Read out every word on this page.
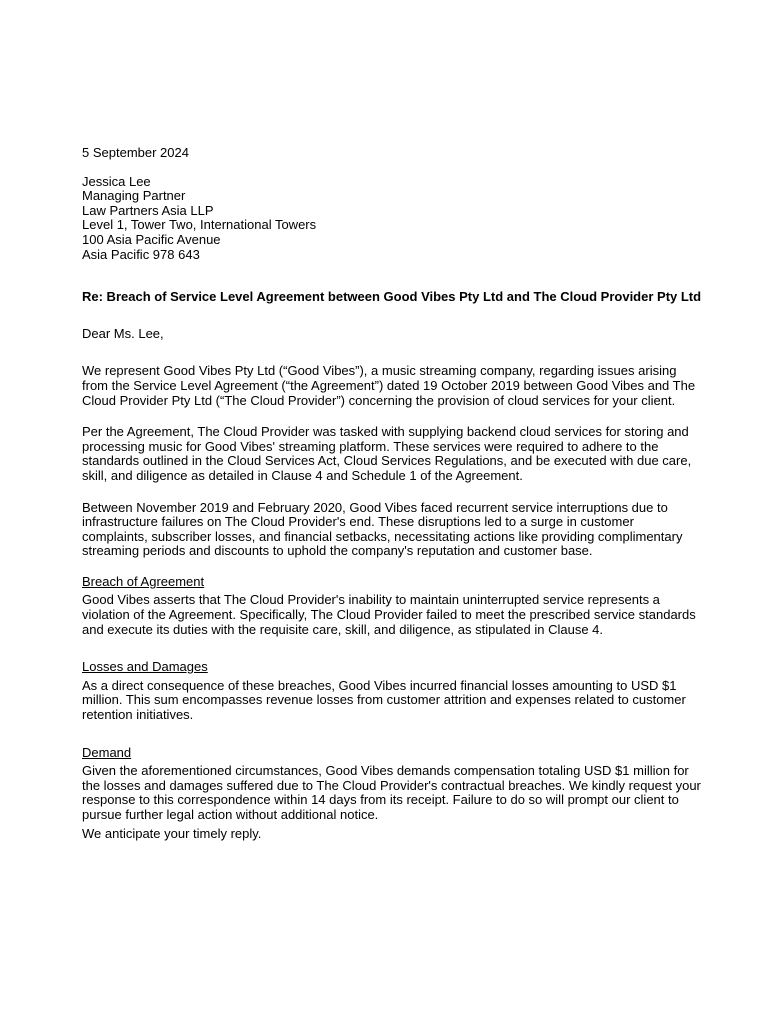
5 September 2024
Jessica Lee
Managing Partner
Law Partners Asia LLP
Level 1, Tower Two, International Towers
100 Asia Pacific Avenue
Asia Pacific 978 643
Re: Breach of Service Level Agreement between Good Vibes Pty Ltd and The Cloud Provider Pty Ltd
Dear Ms. Lee,
We represent Good Vibes Pty Ltd (“Good Vibes”), a music streaming company, regarding issues arising from the Service Level Agreement (“the Agreement”) dated 19 October 2019 between Good Vibes and The Cloud Provider Pty Ltd (“The Cloud Provider”) concerning the provision of cloud services for your client.
Per the Agreement, The Cloud Provider was tasked with supplying backend cloud services for storing and processing music for Good Vibes' streaming platform. These services were required to adhere to the standards outlined in the Cloud Services Act, Cloud Services Regulations, and be executed with due care, skill, and diligence as detailed in Clause 4 and Schedule 1 of the Agreement.
Between November 2019 and February 2020, Good Vibes faced recurrent service interruptions due to infrastructure failures on The Cloud Provider's end. These disruptions led to a surge in customer complaints, subscriber losses, and financial setbacks, necessitating actions like providing complimentary streaming periods and discounts to uphold the company's reputation and customer base.
Breach of Agreement
Good Vibes asserts that The Cloud Provider's inability to maintain uninterrupted service represents a violation of the Agreement. Specifically, The Cloud Provider failed to meet the prescribed service standards and execute its duties with the requisite care, skill, and diligence, as stipulated in Clause 4.
Losses and Damages
As a direct consequence of these breaches, Good Vibes incurred financial losses amounting to USD $1 million. This sum encompasses revenue losses from customer attrition and expenses related to customer retention initiatives.
Demand
Given the aforementioned circumstances, Good Vibes demands compensation totaling USD $1 million for the losses and damages suffered due to The Cloud Provider's contractual breaches. We kindly request your response to this correspondence within 14 days from its receipt. Failure to do so will prompt our client to pursue further legal action without additional notice.
We anticipate your timely reply.
